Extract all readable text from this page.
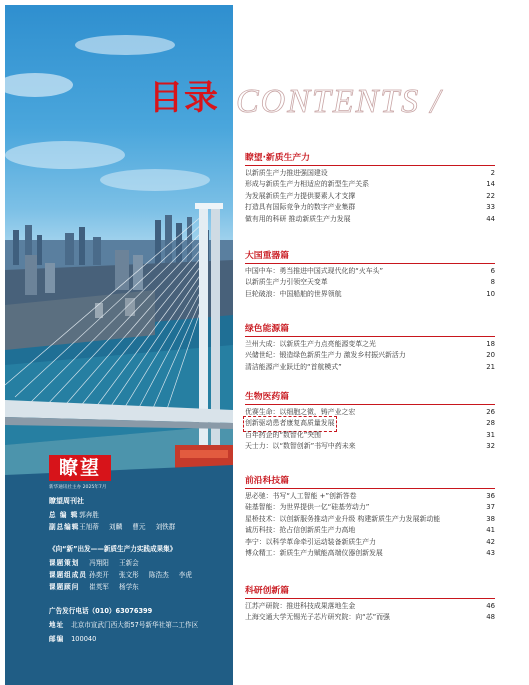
瞭望
新华通讯社主办 2025年7月
瞭望周刊社
总 编 辑 郭奔胜
副总编辑 王旭蒂 刘麟 曹元 刘铁群
《向“新”出发——新质生产力实践成果集》
课题策划 冯翔阳 王新会
课题组成员 孙奕开 张文彤 陈浩杰 李虎
课题顾问 崔英军 杨学东
广告发行电话（010）63076399
地址 北京市宣武门西大街57号新华社第二工作区
邮编 100040
目录 CONTENTS /
瞭望·新质生产力
以新质生产力推进强国建设	2
形成与新质生产力相适应的新型生产关系	14
为发展新质生产力提供要素人才支撑	22
打造具有国际竞争力的数字产业集群	33
做有用的科研 推动新质生产力发展	44
大国重器篇
中国中车：勇当推进中国式现代化的“火车头”	6
以新质生产力引领空天变革	8
巨轮破浪：中国船舶的世界领航	10
绿色能源篇
兰州大成：以新质生产力点亮能源变革之光	18
兴储世纪：锻造绿色新质生产力 激发乡村振兴新活力	20
清洁能源产业跃迁的“首航模式”	21
生物医药篇
优赛生命：以细胞之微，铸产业之宏	26
创新驱动患者康复高质量发展	28
百年药企的“数智化”突围	31
天士力：以“数智创新”书写中药未来	32
前沿科技篇
思必驰：书写“人工智能 +”创新答卷	36
硅基智能：为世界提供一亿“硅基劳动力”	37
星桥技术：以创新服务推动产业升级 构建新质生产力发展新动能	38
诚历科技：抢占信创新质生产力高地	41
李宁：以科学革命牵引运动装备新质生产力	42
博众精工：新质生产力赋能高端仪器创新发展	43
科研创新篇
江苏产研院：推进科技成果落地生金	46
上海交通大学无锡光子芯片研究院：向“芯”而强	48
